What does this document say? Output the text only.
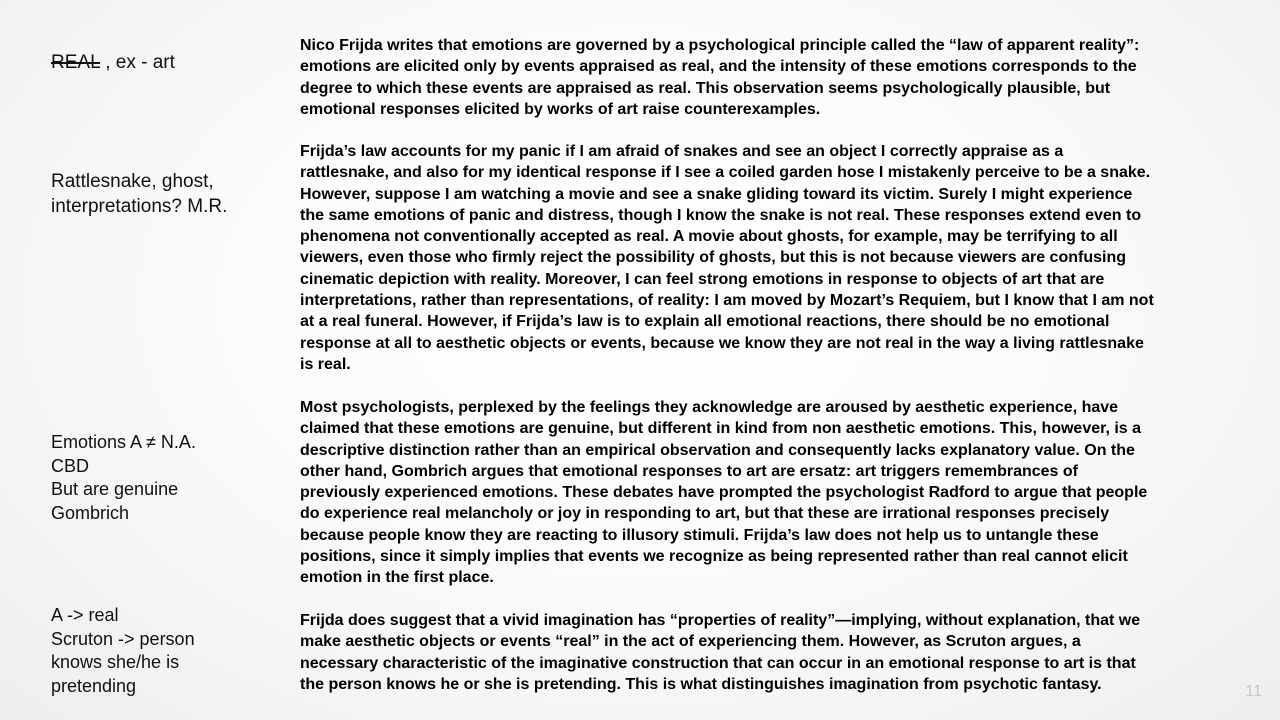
REAL , ex - art
Rattlesnake, ghost,
interpretations? M.R.
Emotions A ≠ N.A.
CBD
But are genuine
Gombrich
A -> real
Scruton -> person
knows she/he is
pretending
Nico Frijda writes that emotions are governed by a psychological principle called the “law of apparent reality”:
emotions are elicited only by events appraised as real, and the intensity of these emotions corresponds to the
degree to which these events are appraised as real. This observation seems psychologically plausible, but
emotional responses elicited by works of art raise counterexamples.
Frijda’s law accounts for my panic if I am afraid of snakes and see an object I correctly appraise as a
rattlesnake, and also for my identical response if I see a coiled garden hose I mistakenly perceive to be a snake.
However, suppose I am watching a movie and see a snake gliding toward its victim. Surely I might experience
the same emotions of panic and distress, though I know the snake is not real. These responses extend even to
phenomena not conventionally accepted as real. A movie about ghosts, for example, may be terrifying to all
viewers, even those who firmly reject the possibility of ghosts, but this is not because viewers are confusing
cinematic depiction with reality. Moreover, I can feel strong emotions in response to objects of art that are
interpretations, rather than representations, of reality: I am moved by Mozart’s Requiem, but I know that I am not
at a real funeral. However, if Frijda’s law is to explain all emotional reactions, there should be no emotional
response at all to aesthetic objects or events, because we know they are not real in the way a living rattlesnake
is real.
Most psychologists, perplexed by the feelings they acknowledge are aroused by aesthetic experience, have
claimed that these emotions are genuine, but different in kind from non aesthetic emotions. This, however, is a
descriptive distinction rather than an empirical observation and consequently lacks explanatory value. On the
other hand, Gombrich argues that emotional responses to art are ersatz: art triggers remembrances of
previously experienced emotions. These debates have prompted the psychologist Radford to argue that people
do experience real melancholy or joy in responding to art, but that these are irrational responses precisely
because people know they are reacting to illusory stimuli. Frijda’s law does not help us to untangle these
positions, since it simply implies that events we recognize as being represented rather than real cannot elicit
emotion in the first place.
Frijda does suggest that a vivid imagination has “properties of reality”—implying, without explanation, that we
make aesthetic objects or events “real” in the act of experiencing them. However, as Scruton argues, a
necessary characteristic of the imaginative construction that can occur in an emotional response to art is that
the person knows he or she is pretending. This is what distinguishes imagination from psychotic fantasy.	11
